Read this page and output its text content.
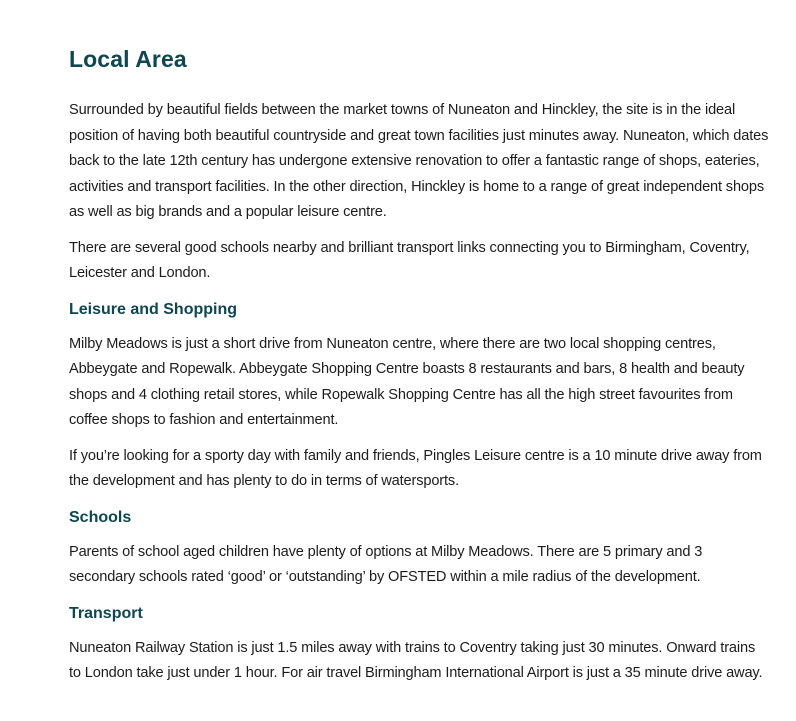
Local Area

Surrounded by beautiful fields between the market towns of Nuneaton and Hinckley, the site is in the ideal position of having both beautiful countryside and great town facilities just minutes away. Nuneaton, which dates back to the late 12th century has undergone extensive renovation to offer a fantastic range of shops, eateries, activities and transport facilities. In the other direction, Hinckley is home to a range of great independent shops as well as big brands and a popular leisure centre.

There are several good schools nearby and brilliant transport links connecting you to Birmingham, Coventry, Leicester and London.

Leisure and Shopping

Milby Meadows is just a short drive from Nuneaton centre, where there are two local shopping centres, Abbeygate and Ropewalk. Abbeygate Shopping Centre boasts 8 restaurants and bars, 8 health and beauty shops and 4 clothing retail stores, while Ropewalk Shopping Centre has all the high street favourites from coffee shops to fashion and entertainment.

If you’re looking for a sporty day with family and friends, Pingles Leisure centre is a 10 minute drive away from the development and has plenty to do in terms of watersports.

Schools

Parents of school aged children have plenty of options at Milby Meadows. There are 5 primary and 3 secondary schools rated ‘good’ or ‘outstanding’ by OFSTED within a mile radius of the development.

Transport

Nuneaton Railway Station is just 1.5 miles away with trains to Coventry taking just 30 minutes. Onward trains to London take just under 1 hour. For air travel Birmingham International Airport is just a 35 minute drive away.
